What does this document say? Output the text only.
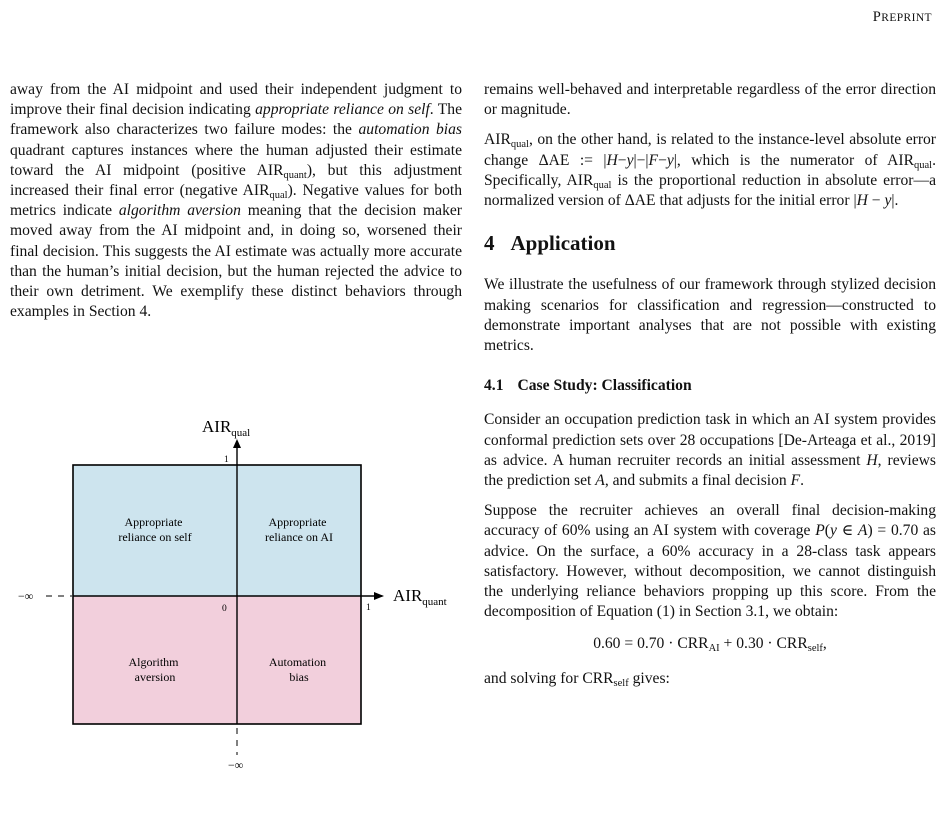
PREPRINT

away from the AI midpoint and used their independent judgment to improve their final decision indicating appropriate reliance on self. The framework also characterizes two failure modes: the automation bias quadrant captures instances where the human adjusted their estimate toward the AI midpoint (positive $AIR_{quant}$), but this adjustment increased their final error (negative $AIR_{qual}$). Negative values for both metrics indicate algorithm aversion meaning that the decision maker moved away from the AI midpoint and, in doing so, worsened their final decision. This suggests the AI estimate was actually more accurate than the human’s initial decision, but the human rejected the advice to their own detriment. We exemplify these distinct behaviors through examples in Section 4.

$AIR_{qual}$
$AIR_{quant}$
1
1
0
−∞
−∞
Appropriate reliance on self
Appropriate reliance on AI
Algorithm aversion
Automation bias

remains well-behaved and interpretable regardless of the error direction or magnitude.

$AIR_{qual}$, on the other hand, is related to the instance-level absolute error change ΔAE := |H−y|−|F−y|, which is the numerator of $AIR_{qual}$. Specifically, $AIR_{qual}$ is the proportional reduction in absolute error—a normalized version of ΔAE that adjusts for the initial error |H − y|.

4 Application

We illustrate the usefulness of our framework through stylized decision making scenarios for classification and regression—constructed to demonstrate important analyses that are not possible with existing metrics.

4.1 Case Study: Classification

Consider an occupation prediction task in which an AI system provides conformal prediction sets over 28 occupations [De-Arteaga et al., 2019] as advice. A human recruiter records an initial assessment H, reviews the prediction set A, and submits a final decision F.

Suppose the recruiter achieves an overall final decision-making accuracy of 60% using an AI system with coverage P(y ∈ A) = 0.70 as advice. On the surface, a 60% accuracy in a 28-class task appears satisfactory. However, without decomposition, we cannot distinguish the underlying reliance behaviors propping up this score. From the decomposition of Equation (1) in Section 3.1, we obtain:

$0.60 = 0.70 \cdot CRR_{AI} + 0.30 \cdot CRR_{self}$,

and solving for $CRR_{self}$ gives:
